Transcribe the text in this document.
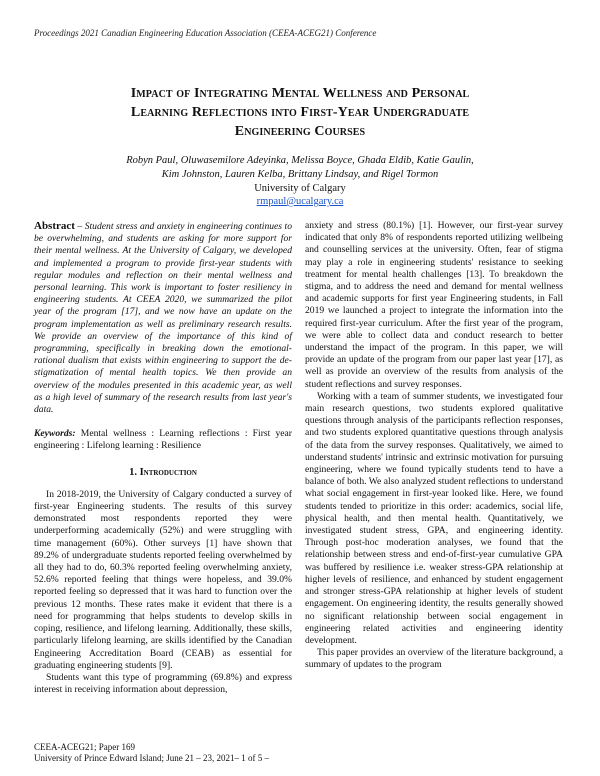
Proceedings 2021 Canadian Engineering Education Association (CEEA-ACEG21) Conference
Impact of Integrating Mental Wellness and Personal
Learning Reflections into First-Year Undergraduate
Engineering Courses
Robyn Paul, Oluwasemilore Adeyinka, Melissa Boyce, Ghada Eldib, Katie Gaulin,
Kim Johnston, Lauren Kelba, Brittany Lindsay, and Rigel Tormon
University of Calgary
rmpaul@ucalgary.ca

Abstract – Student stress and anxiety in engineering continues to be overwhelming, and students are asking for more support for their mental wellness. At the University of Calgary, we developed and implemented a program to provide first-year students with regular modules and reflection on their mental wellness and personal learning. This work is important to foster resiliency in engineering students. At CEEA 2020, we summarized the pilot year of the program [17], and we now have an update on the program implementation as well as preliminary research results. We provide an overview of the importance of this kind of programming, specifically in breaking down the emotional-rational dualism that exists within engineering to support the de-stigmatization of mental health topics. We then provide an overview of the modules presented in this academic year, as well as a high level of summary of the research results from last year's data.

Keywords: Mental wellness : Learning reflections : First year engineering : Lifelong learning : Resilience

1. Introduction

In 2018-2019, the University of Calgary conducted a survey of first-year Engineering students. The results of this survey demonstrated most respondents reported they were underperforming academically (52%) and were struggling with time management (60%). Other surveys [1] have shown that 89.2% of undergraduate students reported feeling overwhelmed by all they had to do, 60.3% reported feeling overwhelming anxiety, 52.6% reported feeling that things were hopeless, and 39.0% reported feeling so depressed that it was hard to function over the previous 12 months. These rates make it evident that there is a need for programming that helps students to develop skills in coping, resilience, and lifelong learning. Additionally, these skills, particularly lifelong learning, are skills identified by the Canadian Engineering Accreditation Board (CEAB) as essential for graduating engineering students [9].

Students want this type of programming (69.8%) and express interest in receiving information about depression,

anxiety and stress (80.1%) [1]. However, our first-year survey indicated that only 8% of respondents reported utilizing wellbeing and counselling services at the university. Often, fear of stigma may play a role in engineering students' resistance to seeking treatment for mental health challenges [13]. To breakdown the stigma, and to address the need and demand for mental wellness and academic supports for first year Engineering students, in Fall 2019 we launched a project to integrate the information into the required first-year curriculum. After the first year of the program, we were able to collect data and conduct research to better understand the impact of the program. In this paper, we will provide an update of the program from our paper last year [17], as well as provide an overview of the results from analysis of the student reflections and survey responses.

Working with a team of summer students, we investigated four main research questions, two students explored qualitative questions through analysis of the participants reflection responses, and two students explored quantitative questions through analysis of the data from the survey responses. Qualitatively, we aimed to understand students' intrinsic and extrinsic motivation for pursuing engineering, where we found typically students tend to have a balance of both. We also analyzed student reflections to understand what social engagement in first-year looked like. Here, we found students tended to prioritize in this order: academics, social life, physical health, and then mental health. Quantitatively, we investigated student stress, GPA, and engineering identity. Through post-hoc moderation analyses, we found that the relationship between stress and end-of-first-year cumulative GPA was buffered by resilience i.e. weaker stress-GPA relationship at higher levels of resilience, and enhanced by student engagement and stronger stress-GPA relationship at higher levels of student engagement. On engineering identity, the results generally showed no significant relationship between social engagement in engineering related activities and engineering identity development.

This paper provides an overview of the literature background, a summary of updates to the program

CEEA-ACEG21; Paper 169
University of Prince Edward Island; June 21 – 23, 2021– 1 of 5 –
